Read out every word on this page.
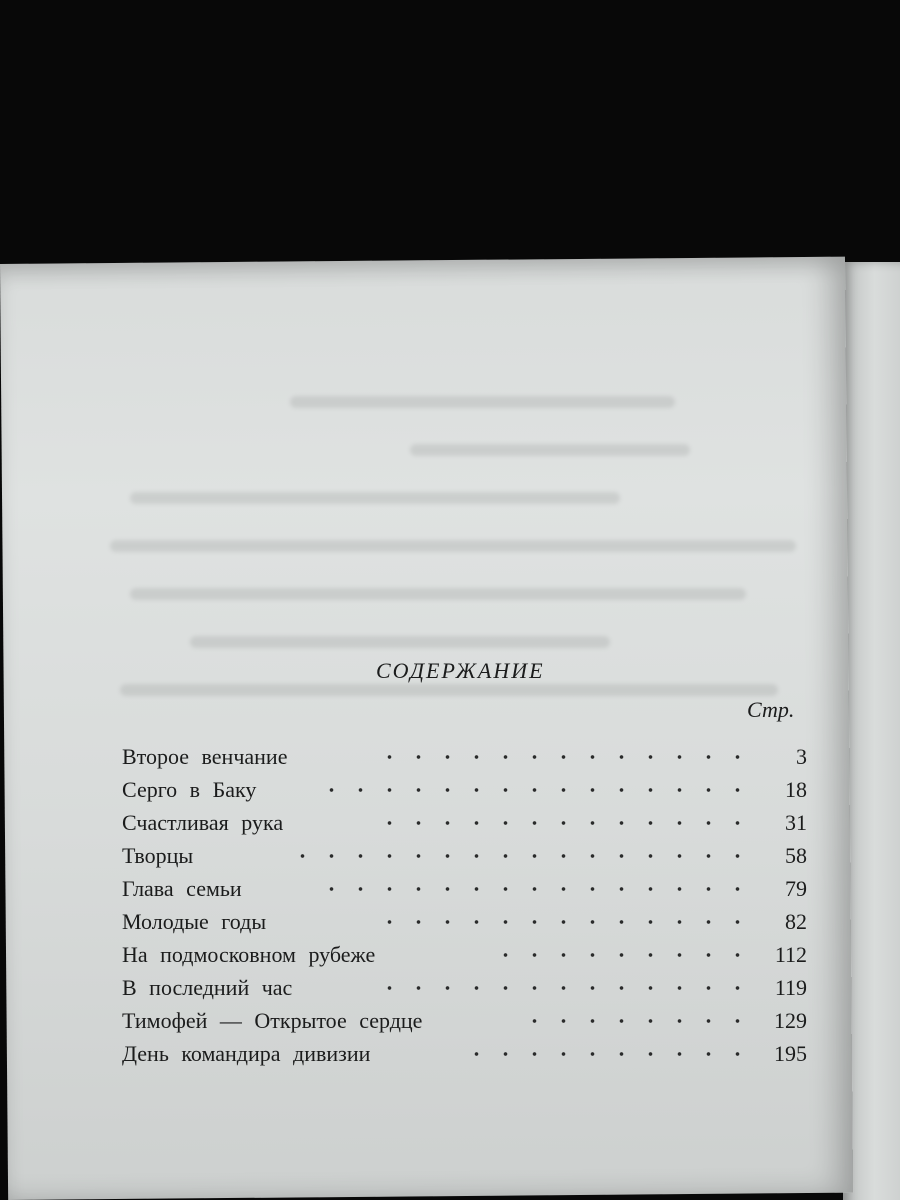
СОДЕРЖАНИЕ
Стр.
Второе венчание	3
Серго в Баку	18
Счастливая рука	31
Творцы	58
Глава семьи	79
Молодые годы	82
На подмосковном рубеже	112
В последний час	119
Тимофей — Открытое сердце	129
День командира дивизии	195
